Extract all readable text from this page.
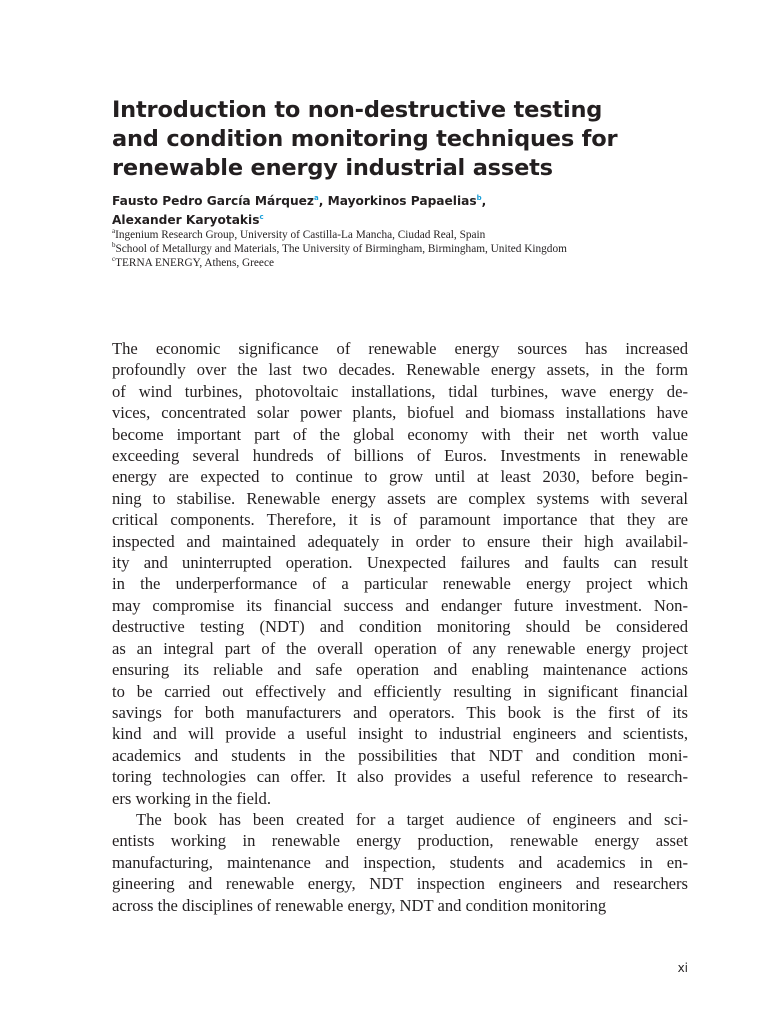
Introduction to non-destructive testing
and condition monitoring techniques for
renewable energy industrial assets
Fausto Pedro García Márquez$^a$, Mayorkinos Papaelias$^b$,
Alexander Karyotakis$^c$
$^a$Ingenium Research Group, University of Castilla-La Mancha, Ciudad Real, Spain
$^b$School of Metallurgy and Materials, The University of Birmingham, Birmingham, United Kingdom
$^c$TERNA ENERGY, Athens, Greece
The economic significance of renewable energy sources has increased
profoundly over the last two decades. Renewable energy assets, in the form
of wind turbines, photovoltaic installations, tidal turbines, wave energy de-
vices, concentrated solar power plants, biofuel and biomass installations have
become important part of the global economy with their net worth value
exceeding several hundreds of billions of Euros. Investments in renewable
energy are expected to continue to grow until at least 2030, before begin-
ning to stabilise. Renewable energy assets are complex systems with several
critical components. Therefore, it is of paramount importance that they are
inspected and maintained adequately in order to ensure their high availabil-
ity and uninterrupted operation. Unexpected failures and faults can result
in the underperformance of a particular renewable energy project which
may compromise its financial success and endanger future investment. Non-
destructive testing (NDT) and condition monitoring should be considered
as an integral part of the overall operation of any renewable energy project
ensuring its reliable and safe operation and enabling maintenance actions
to be carried out effectively and efficiently resulting in significant financial
savings for both manufacturers and operators. This book is the first of its
kind and will provide a useful insight to industrial engineers and scientists,
academics and students in the possibilities that NDT and condition moni-
toring technologies can offer. It also provides a useful reference to research-
ers working in the field.
The book has been created for a target audience of engineers and sci-
entists working in renewable energy production, renewable energy asset
manufacturing, maintenance and inspection, students and academics in en-
gineering and renewable energy, NDT inspection engineers and researchers
across the disciplines of renewable energy, NDT and condition monitoring
xi
